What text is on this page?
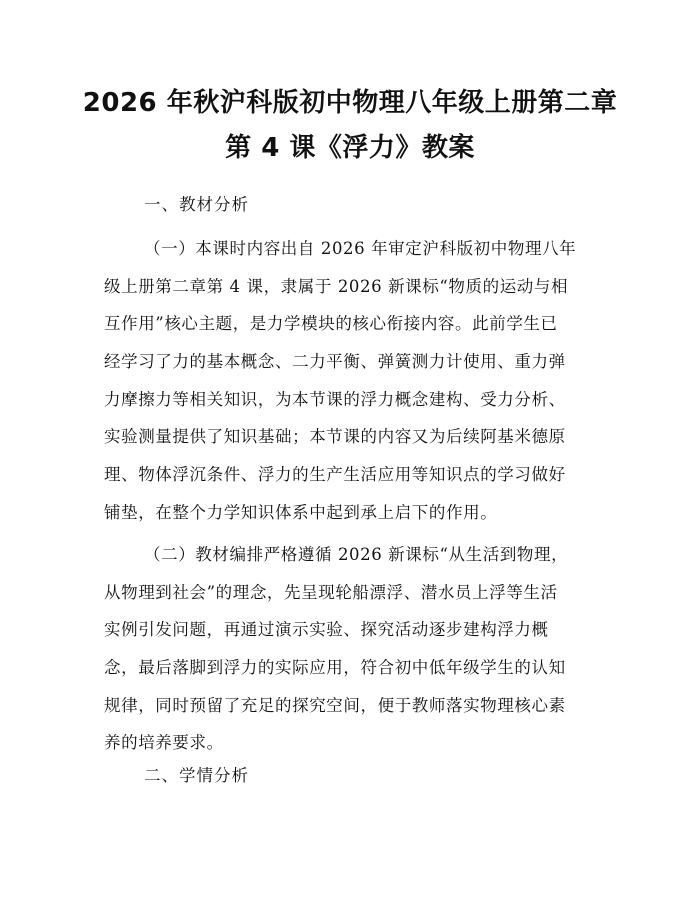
2026 年秋沪科版初中物理八年级上册第二章
第 4 课《浮力》教案
一、教材分析
（一）本课时内容出自 2026 年审定沪科版初中物理八年
级上册第二章第 4 课，隶属于 2026 新课标“物质的运动与相
互作用”核心主题，是力学模块的核心衔接内容。此前学生已
经学习了力的基本概念、二力平衡、弹簧测力计使用、重力弹
力摩擦力等相关知识，为本节课的浮力概念建构、受力分析、
实验测量提供了知识基础；本节课的内容又为后续阿基米德原
理、物体浮沉条件、浮力的生产生活应用等知识点的学习做好
铺垫，在整个力学知识体系中起到承上启下的作用。
（二）教材编排严格遵循 2026 新课标“从生活到物理，
从物理到社会”的理念，先呈现轮船漂浮、潜水员上浮等生活
实例引发问题，再通过演示实验、探究活动逐步建构浮力概
念，最后落脚到浮力的实际应用，符合初中低年级学生的认知
规律，同时预留了充足的探究空间，便于教师落实物理核心素
养的培养要求。
二、学情分析
